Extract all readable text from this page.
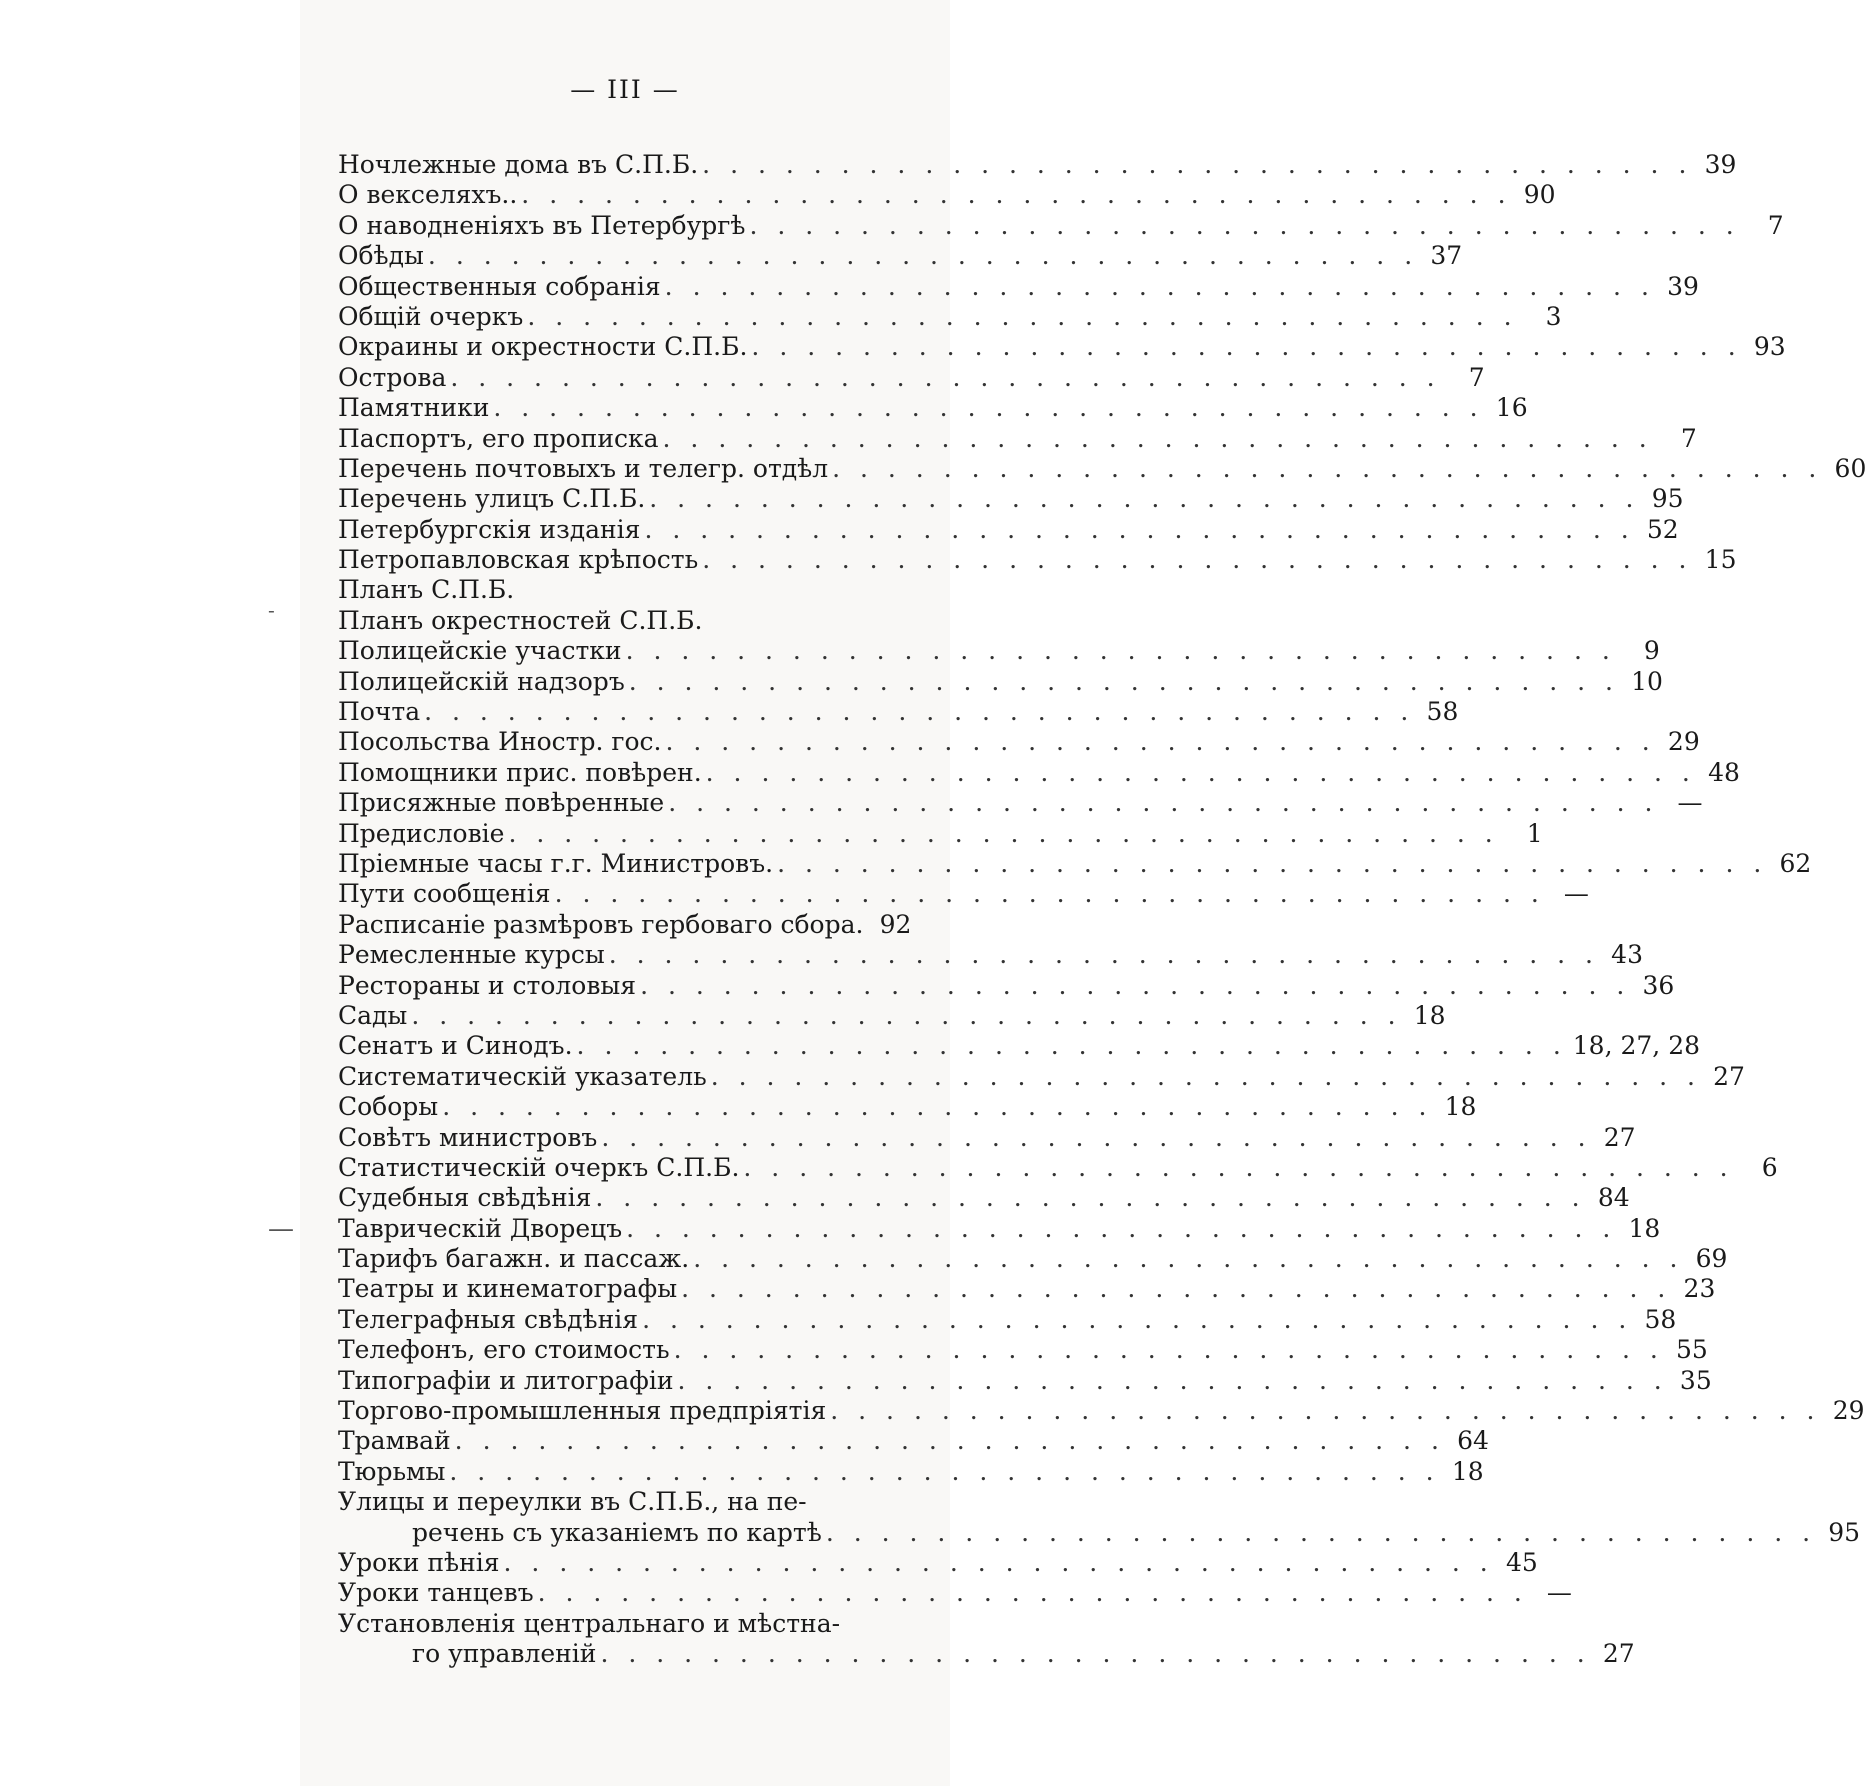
— III —
Ночлежные дома въ С.П.Б. . . . . . . . . . . . . . . . . . . . . . . . . . . . . . . . . . . . . 39
О векселяхъ.. . . . . . . . . . . . . . . . . . . . . . . . . . . . . . . . . . . . . 90
О наводненіяхъ въ Петербургѣ . . . . . . . . . . . . . . . . . . . . . . . . . . . . . . . . . . . .	7
Обѣды . . . . . . . . . . . . . . . . . . . . . . . . . . . . . . . . . . . . 37
Общественныя собранія . . . . . . . . . . . . . . . . . . . . . . . . . . . . . . . . . . . . 39
Общій очеркъ . . . . . . . . . . . . . . . . . . . . . . . . . . . . . . . . . . . .	3
Окраины и окрестности С.П.Б. . . . . . . . . . . . . . . . . . . . . . . . . . . . . . . . . . . . . 93
Острова . . . . . . . . . . . . . . . . . . . . . . . . . . . . . . . . . . . .	7
Памятники . . . . . . . . . . . . . . . . . . . . . . . . . . . . . . . . . . . . 16
Паспортъ, его прописка . . . . . . . . . . . . . . . . . . . . . . . . . . . . . . . . . . . .	7
Перечень почтовыхъ и телегр. отдѣл . . . . . . . . . . . . . . . . . . . . . . . . . . . . . . . . . . . . 60
Перечень улицъ С.П.Б. . . . . . . . . . . . . . . . . . . . . . . . . . . . . . . . . . . . . 95
Петербургскія изданія . . . . . . . . . . . . . . . . . . . . . . . . . . . . . . . . . . . . 52
Петропавловская крѣпость . . . . . . . . . . . . . . . . . . . . . . . . . . . . . . . . . . . . 15
Планъ С.П.Б.
Планъ окрестностей С.П.Б.
Полицейскіе участки . . . . . . . . . . . . . . . . . . . . . . . . . . . . . . . . . . . .	9
Полицейскій надзоръ . . . . . . . . . . . . . . . . . . . . . . . . . . . . . . . . . . . . 10
Почта . . . . . . . . . . . . . . . . . . . . . . . . . . . . . . . . . . . . 58
Посольства Иностр. гос. . . . . . . . . . . . . . . . . . . . . . . . . . . . . . . . . . . . . 29
Помощники прис. повѣрен. . . . . . . . . . . . . . . . . . . . . . . . . . . . . . . . . . . . . 48
Присяжные повѣренные . . . . . . . . . . . . . . . . . . . . . . . . . . . . . . . . . . . . —
Предисловіе . . . . . . . . . . . . . . . . . . . . . . . . . . . . . . . . . . . .	1
Пріемные часы г.г. Министровъ. . . . . . . . . . . . . . . . . . . . . . . . . . . . . . . . . . . . . 62
Пути сообщенія . . . . . . . . . . . . . . . . . . . . . . . . . . . . . . . . . . . . —
Расписаніе размѣровъ гербоваго сбора. 92
Ремесленные курсы . . . . . . . . . . . . . . . . . . . . . . . . . . . . . . . . . . . . 43
Рестораны и столовыя . . . . . . . . . . . . . . . . . . . . . . . . . . . . . . . . . . . . 36
Сады . . . . . . . . . . . . . . . . . . . . . . . . . . . . . . . . . . . . 18
Сенатъ и Синодъ. . . . . . . . . . . . . . . . . . . . . . . . . . . . . . . . . . . . . 18, 27, 28
Систематическій указатель . . . . . . . . . . . . . . . . . . . . . . . . . . . . . . . . . . . . 27
Соборы . . . . . . . . . . . . . . . . . . . . . . . . . . . . . . . . . . . . 18
Совѣтъ министровъ . . . . . . . . . . . . . . . . . . . . . . . . . . . . . . . . . . . . 27
Статистическій очеркъ С.П.Б. . . . . . . . . . . . . . . . . . . . . . . . . . . . . . . . . . . . .	6
Судебныя свѣдѣнія . . . . . . . . . . . . . . . . . . . . . . . . . . . . . . . . . . . . 84
Таврическій Дворецъ . . . . . . . . . . . . . . . . . . . . . . . . . . . . . . . . . . . . 18
Тарифъ багажн. и пассаж. . . . . . . . . . . . . . . . . . . . . . . . . . . . . . . . . . . . . 69
Театры и кинематографы . . . . . . . . . . . . . . . . . . . . . . . . . . . . . . . . . . . . 23
Телеграфныя свѣдѣнія . . . . . . . . . . . . . . . . . . . . . . . . . . . . . . . . . . . . 58
Телефонъ, его стоимость . . . . . . . . . . . . . . . . . . . . . . . . . . . . . . . . . . . . 55
Типографіи и литографіи . . . . . . . . . . . . . . . . . . . . . . . . . . . . . . . . . . . . 35
Торгово-промышленныя предпріятія . . . . . . . . . . . . . . . . . . . . . . . . . . . . . . . . . . . . 29
Трамвай . . . . . . . . . . . . . . . . . . . . . . . . . . . . . . . . . . . . 64
Тюрьмы . . . . . . . . . . . . . . . . . . . . . . . . . . . . . . . . . . . . 18
Улицы и переулки въ С.П.Б., на пе-
речень съ указаніемъ по картѣ . . . . . . . . . . . . . . . . . . . . . . . . . . . . . . . . . . . . 95
Уроки пѣнія . . . . . . . . . . . . . . . . . . . . . . . . . . . . . . . . . . . . 45
Уроки танцевъ . . . . . . . . . . . . . . . . . . . . . . . . . . . . . . . . . . . . —
Установленія центральнаго и мѣстна-
го управленій . . . . . . . . . . . . . . . . . . . . . . . . . . . . . . . . . . . . 27
-
—
